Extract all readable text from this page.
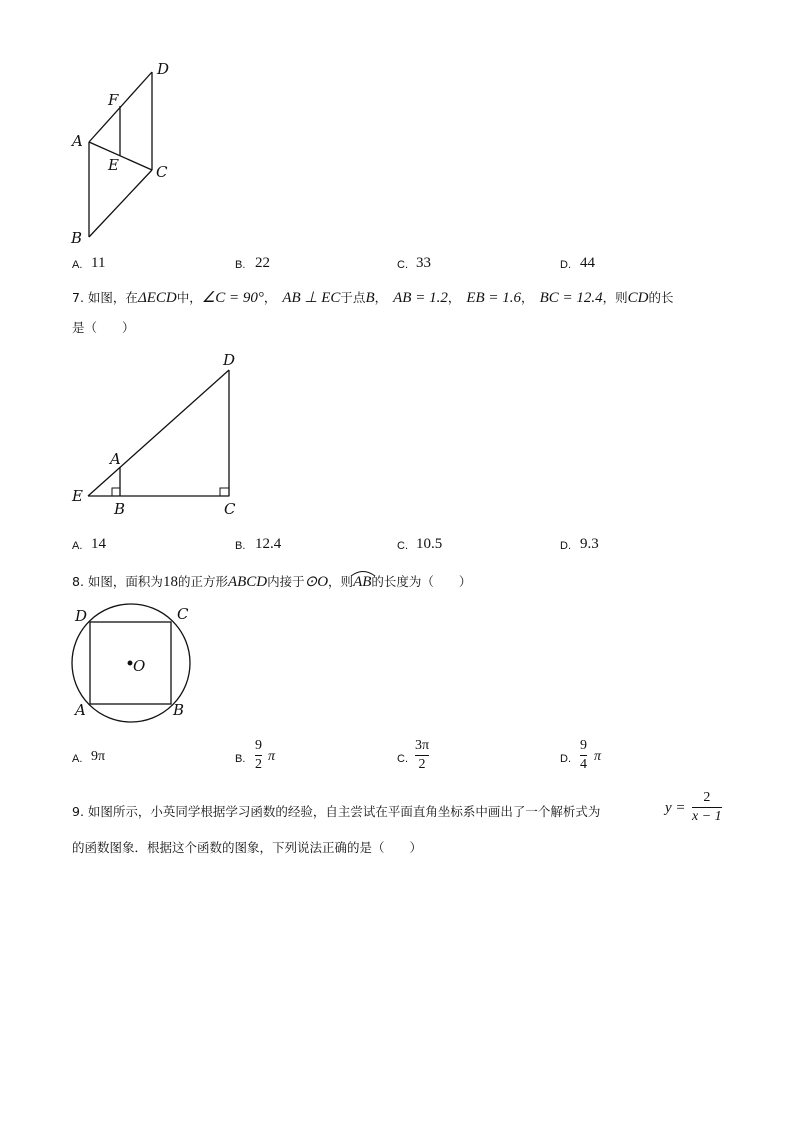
D
F
A
E C
B
A. 11	B. 22	C. 33	D. 44
7. 如图，在ΔECD中，∠C = 90°， AB ⊥ EC于点B， AB = 1.2， EB = 1.6， BC = 12.4，则CD的长
是（　　）
D
A
E
B	C
A. 14	B. 12.4	C. 10.5	D. 9.3
8. 如图，面积为18的正方形ABCD内接于⊙O，则
AB的长度为（　　）
D	C
O
A	B
A. 9π	B.
9
2
π	C.
3π
2	D.
9
4
π
9. 如图所示，小英同学根据学习函数的经验，自主尝试在平面直角坐标系中画出了一个解析式为	y =
2
x − 1
的函数图象．根据这个函数的图象，下列说法正确的是（　　）
